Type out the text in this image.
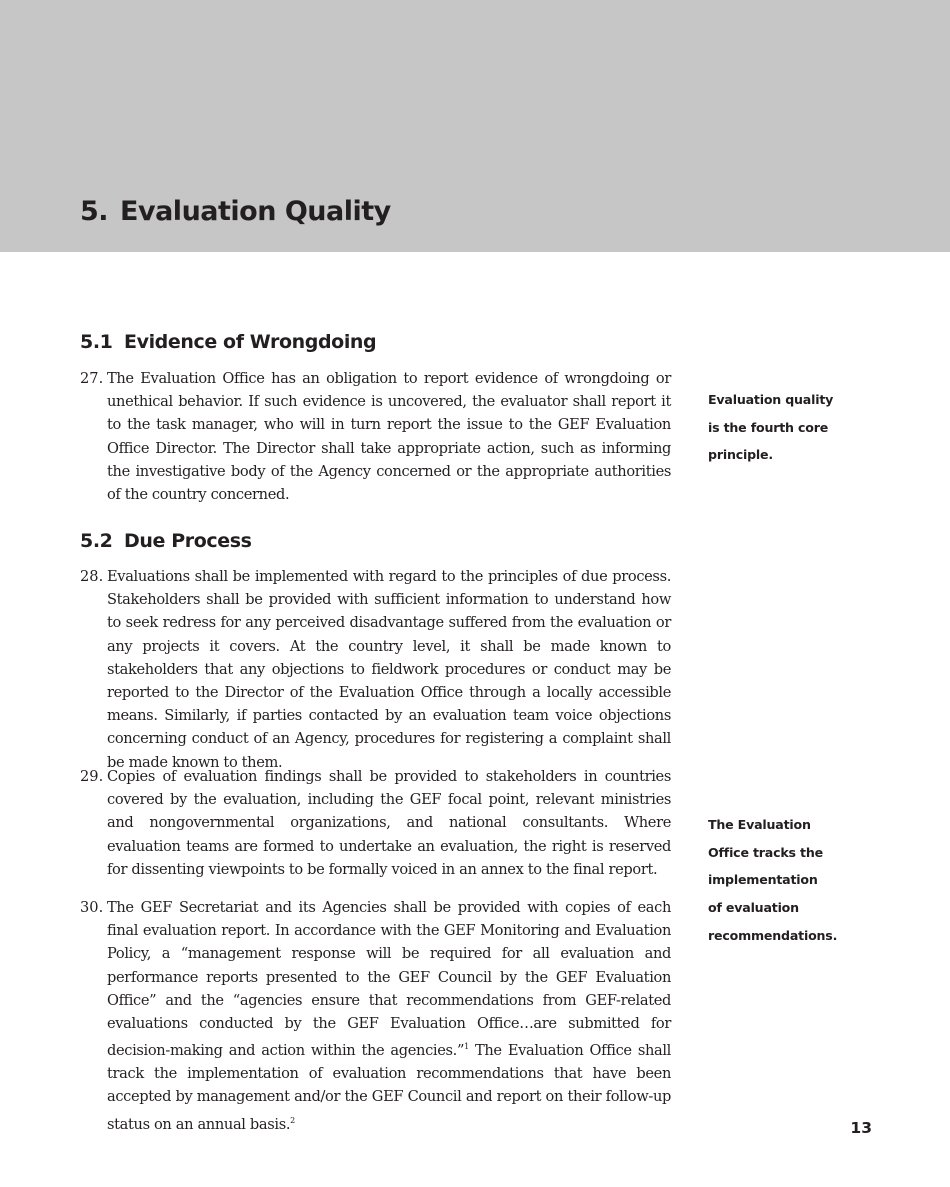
5. Evaluation Quality
5.1 Evidence of Wrongdoing
27. The Evaluation Office has an obligation to report evidence of wrongdoing or unethical behavior. If such evidence is uncovered, the evaluator shall report it to the task manager, who will in turn report the issue to the GEF Evaluation Office Director. The Director shall take appropriate action, such as informing the investigative body of the Agency concerned or the appropriate authorities of the country concerned.
Evaluation quality
is the fourth core
principle.
5.2 Due Process
28. Evaluations shall be implemented with regard to the principles of due process. Stakeholders shall be provided with sufficient information to understand how to seek redress for any perceived disadvantage suffered from the evaluation or any projects it covers. At the country level, it shall be made known to stakeholders that any objections to fieldwork procedures or conduct may be reported to the Director of the Evaluation Office through a locally accessible means. Similarly, if parties contacted by an evaluation team voice objections concerning conduct of an Agency, procedures for registering a complaint shall be made known to them.
29. Copies of evaluation findings shall be provided to stakeholders in countries covered by the evaluation, including the GEF focal point, relevant ministries and nongovernmental organizations, and national consultants. Where evaluation teams are formed to undertake an evaluation, the right is reserved for dissenting viewpoints to be formally voiced in an annex to the final report.
The Evaluation
Office tracks the
implementation
of evaluation
recommendations.
30. The GEF Secretariat and its Agencies shall be provided with copies of each final evaluation report. In accordance with the GEF Monitoring and Evaluation Policy, a “management response will be required for all evaluation and performance reports presented to the GEF Council by the GEF Evaluation Office” and the “agencies ensure that recommendations from GEF-related evaluations conducted by the GEF Evaluation Office…are submitted for decision-making and action within the agencies.”$^1$ The Evaluation Office shall track the implementation of evaluation recommendations that have been accepted by management and/or the GEF Council and report on their follow-up status on an annual basis.$^2$	13
